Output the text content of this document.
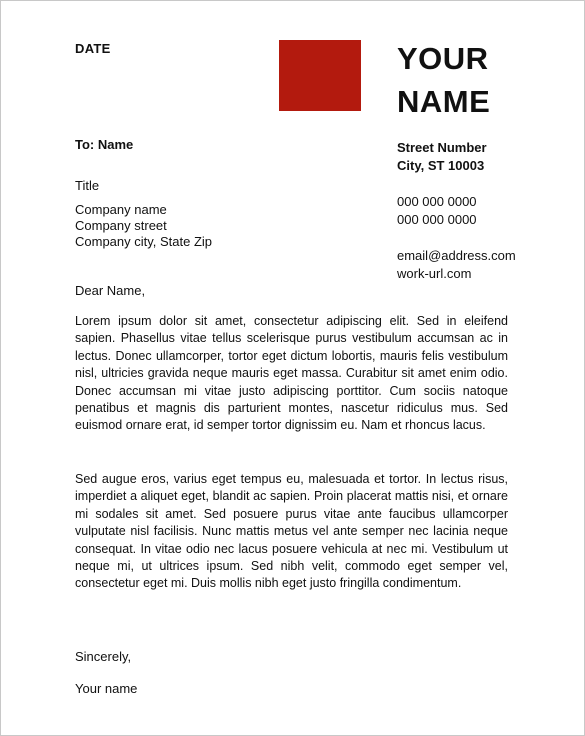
DATE	YOUR
NAME
Street Number
City, ST 10003
000 000 0000
000 000 0000
email@address.com
work-url.com
To: Name
Title
Company name
Company street
Company city, State Zip
Dear Name,

Lorem ipsum dolor sit amet, consectetur adipiscing elit. Sed in eleifend sapien. Phasellus vitae tellus scelerisque purus vestibulum accumsan ac in lectus. Donec ullamcorper, tortor eget dictum lobortis, mauris felis vestibulum nisl, ultricies gravida neque mauris eget massa. Curabitur sit amet enim odio. Donec accumsan mi vitae justo adipiscing porttitor. Cum sociis natoque penatibus et magnis dis parturient montes, nascetur ridiculus mus. Sed euismod ornare erat, id semper tortor dignissim eu. Nam et rhoncus lacus.

Sed augue eros, varius eget tempus eu, malesuada et tortor. In lectus risus, imperdiet a aliquet eget, blandit ac sapien. Proin placerat mattis nisi, et ornare mi sodales sit amet. Sed posuere purus vitae ante faucibus ullamcorper vulputate nisl facilisis. Nunc mattis metus vel ante semper nec lacinia neque consequat. In vitae odio nec lacus posuere vehicula at nec mi. Vestibulum ut neque mi, ut ultrices ipsum. Sed nibh velit, commodo eget semper vel, consectetur eget mi. Duis mollis nibh eget justo fringilla condimentum.

Sincerely,
Your name
